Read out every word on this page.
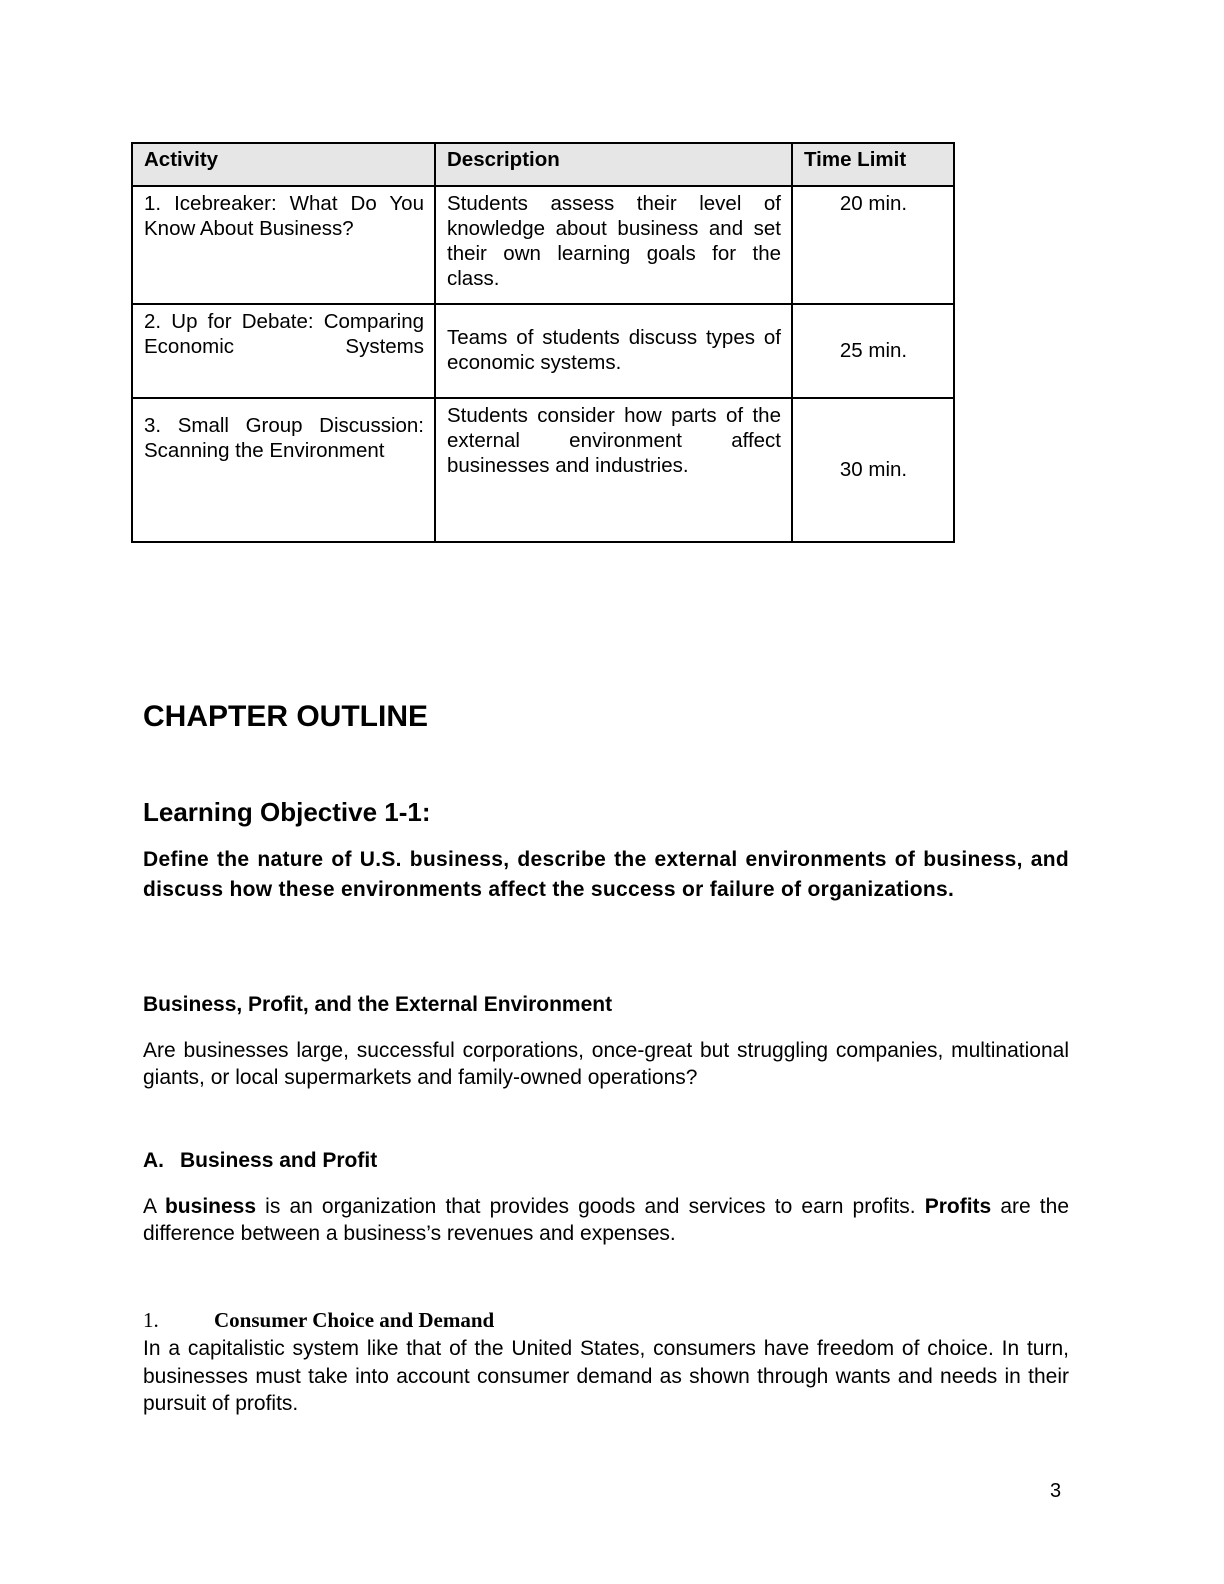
Activity	Description	Time Limit
1. Icebreaker: What Do You Know About Business?	Students assess their level of knowledge about business and set their own learning goals for the class.	20 min.
2. Up for Debate: Comparing Economic Systems	Teams of students discuss types of economic systems.	25 min.
3. Small Group Discussion: Scanning the Environment	Students consider how parts of the external environment affect businesses and industries.	30 min.
CHAPTER OUTLINE
Learning Objective 1-1:

Define the nature of U.S. business, describe the external environments of business, and discuss how these environments affect the success or failure of organizations.

Business, Profit, and the External Environment

Are businesses large, successful corporations, once-great but struggling companies, multinational giants, or local supermarkets and family-owned operations?

A. Business and Profit

A business is an organization that provides goods and services to earn profits. Profits are the difference between a business’s revenues and expenses.

1.	Consumer Choice and Demand

In a capitalistic system like that of the United States, consumers have freedom of choice. In turn, businesses must take into account consumer demand as shown through wants and needs in their pursuit of profits.

3
